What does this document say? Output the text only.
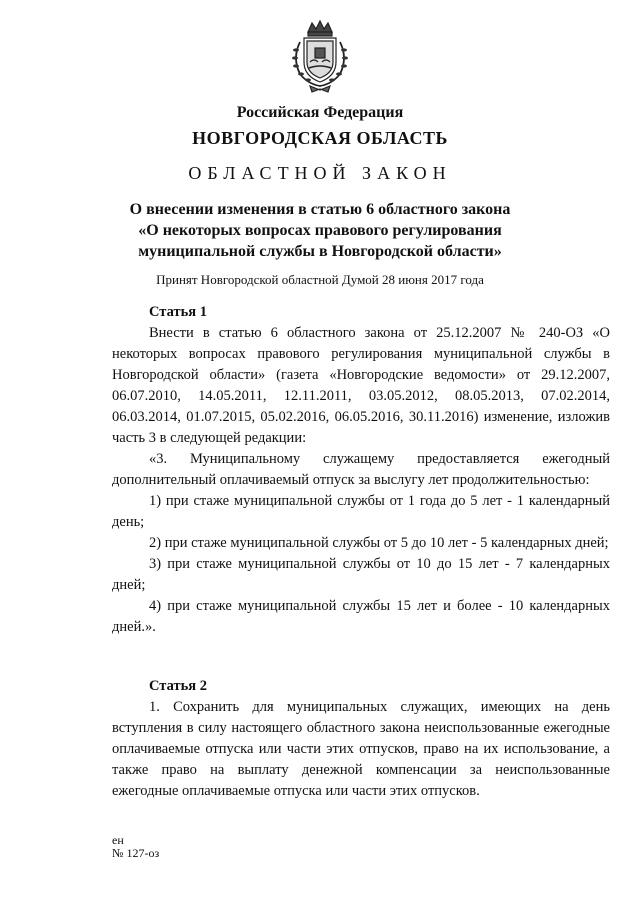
Российская Федерация
НОВГОРОДСКАЯ ОБЛАСТЬ
ОБЛАСТНОЙ ЗАКОН
О внесении изменения в статью 6 областного закона
«О некоторых вопросах правового регулирования
муниципальной службы в Новгородской области»
Принят Новгородской областной Думой 28 июня 2017 года

Статья 1

Внести в статью 6 областного закона от 25.12.2007 № 240-ОЗ «О некоторых вопросах правового регулирования муниципальной службы в Новгородской области» (газета «Новгородские ведомости» от 29.12.2007, 06.07.2010, 14.05.2011, 12.11.2011, 03.05.2012, 08.05.2013, 07.02.2014, 06.03.2014, 01.07.2015, 05.02.2016, 06.05.2016, 30.11.2016) изменение, изложив часть 3 в следующей редакции:

«3. Муниципальному служащему предоставляется ежегодный дополнительный оплачиваемый отпуск за выслугу лет продолжительностью:

1) при стаже муниципальной службы от 1 года до 5 лет - 1 календарный день;

2) при стаже муниципальной службы от 5 до 10 лет - 5 календарных дней;

3) при стаже муниципальной службы от 10 до 15 лет - 7 календарных дней;

4) при стаже муниципальной службы 15 лет и более - 10 календарных дней.».

Статья 2

1. Сохранить для муниципальных служащих, имеющих на день вступления в силу настоящего областного закона неиспользованные ежегодные оплачиваемые отпуска или части этих отпусков, право на их использование, а также право на выплату денежной компенсации за неиспользованные ежегодные оплачиваемые отпуска или части этих отпусков.

ен
№ 127-оз
